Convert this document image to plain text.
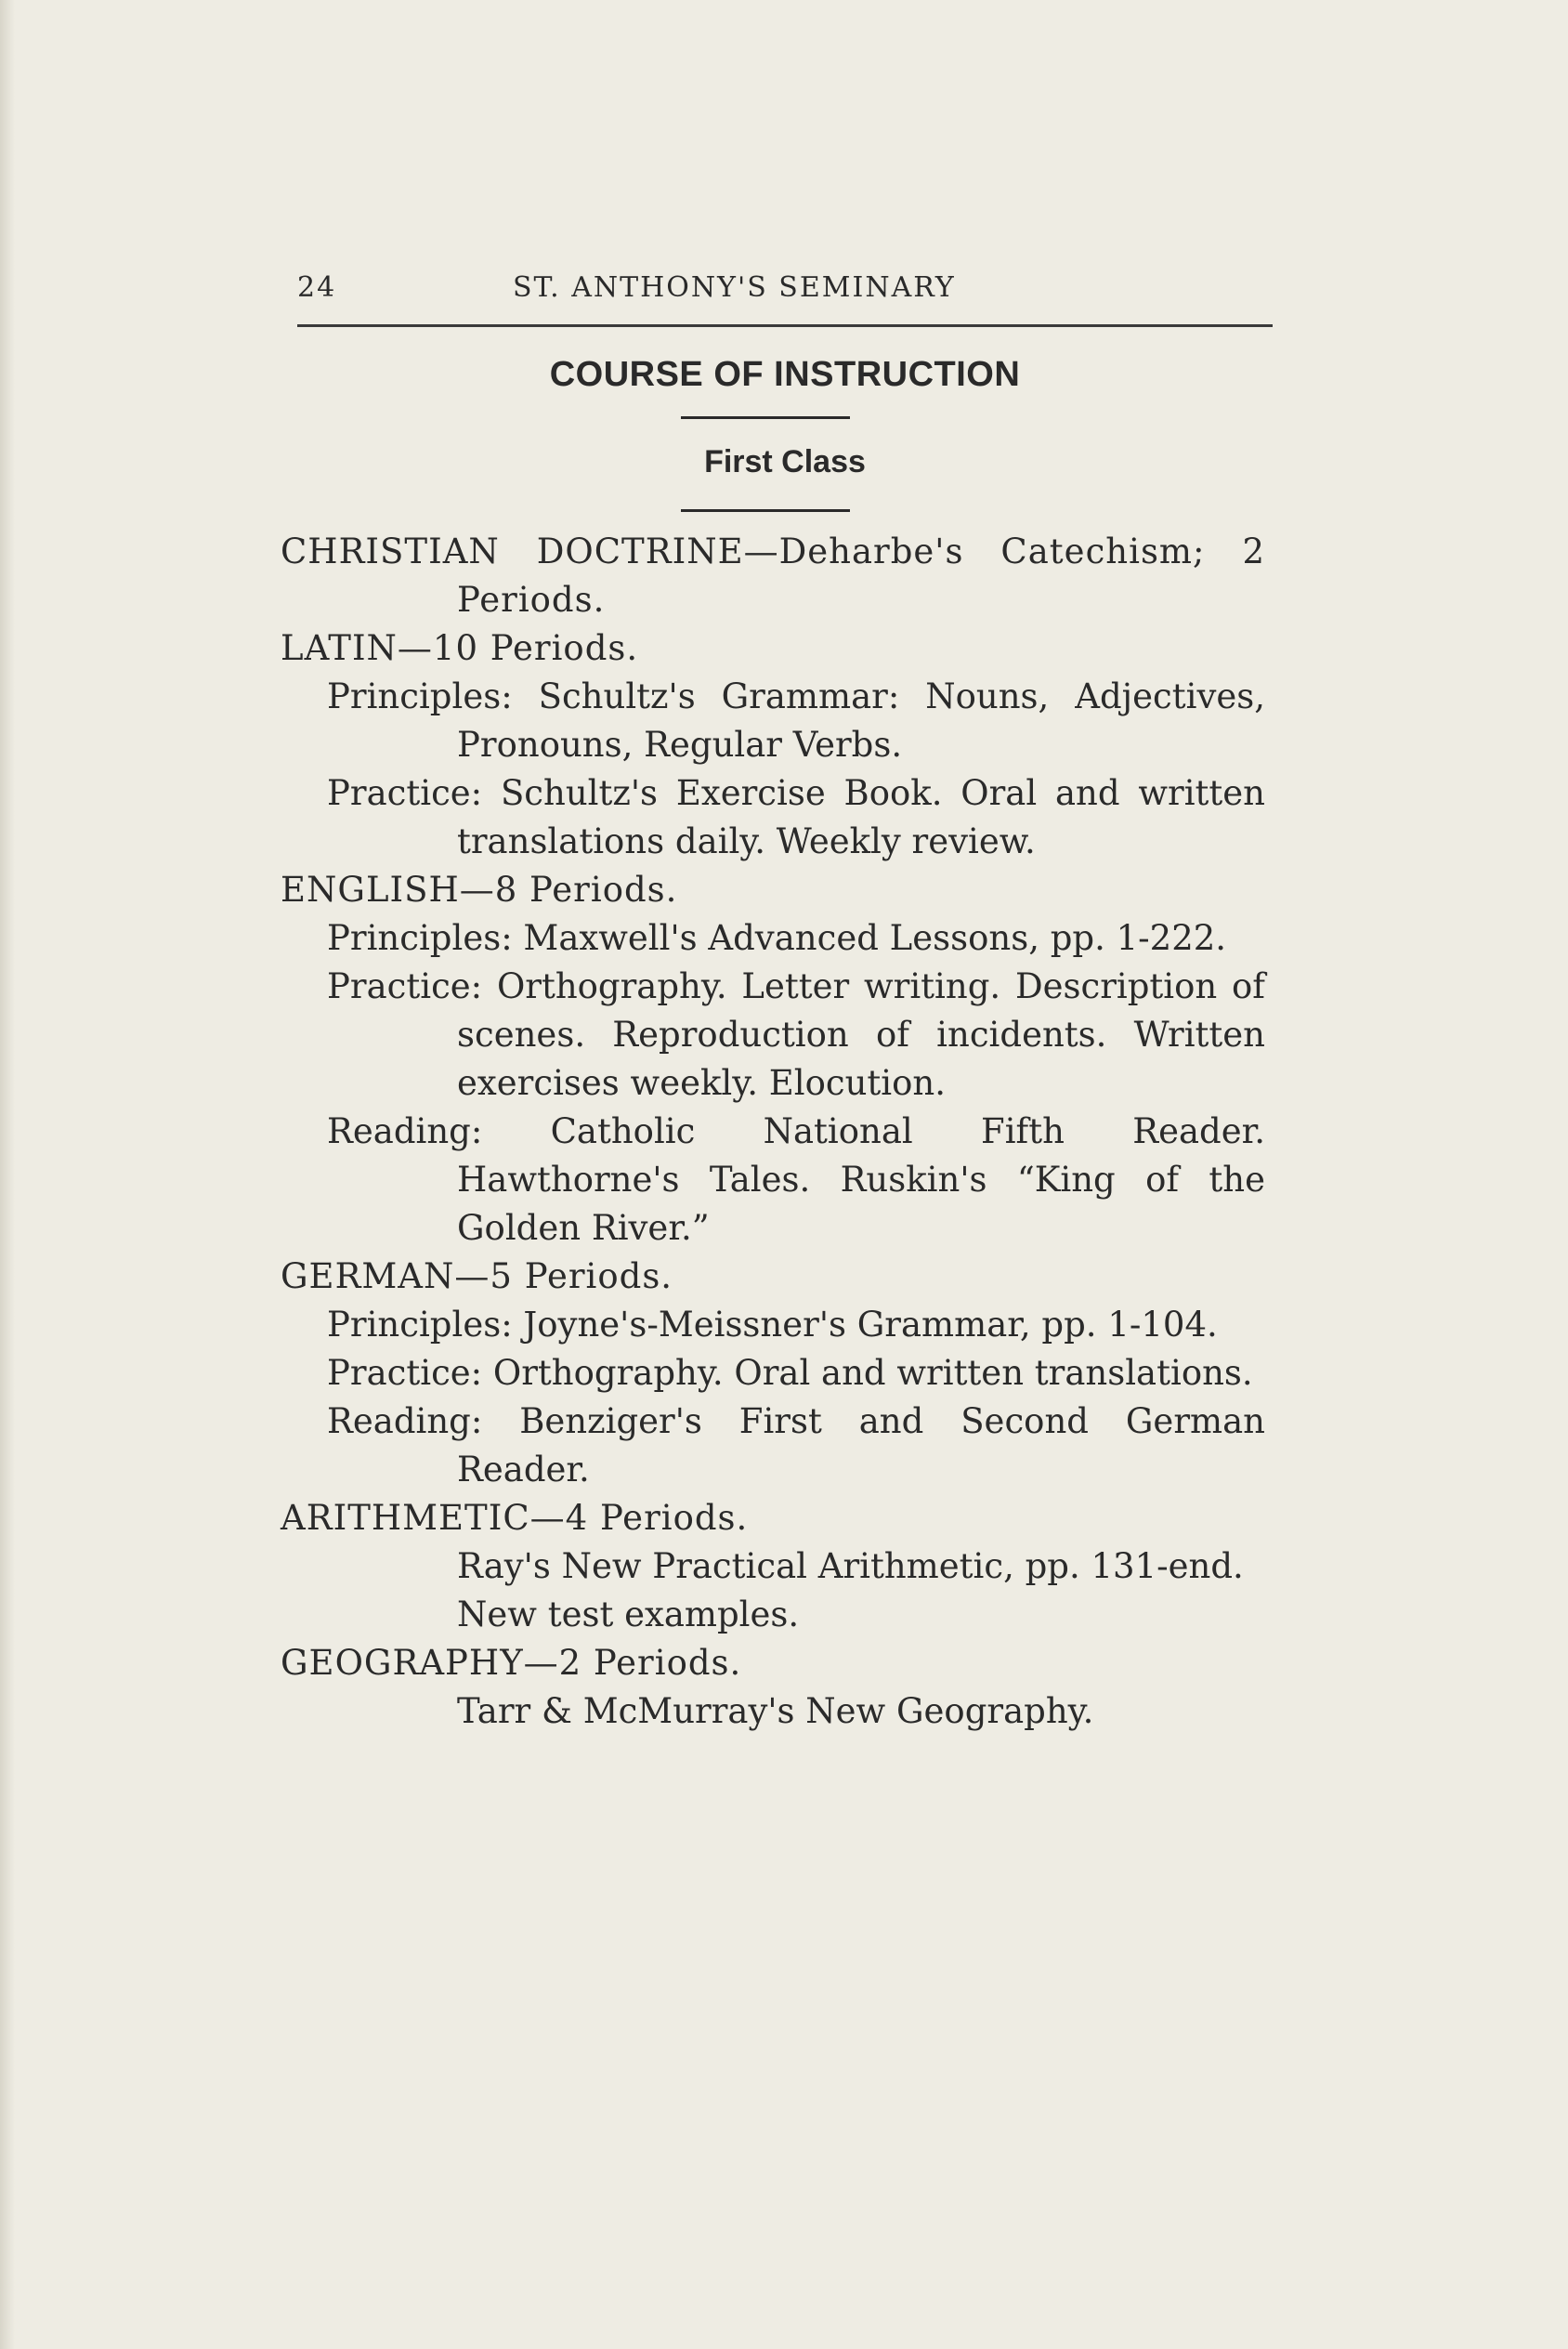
24	ST. ANTHONY'S SEMINARY
COURSE OF INSTRUCTION
First Class

CHRISTIAN DOCTRINE—Deharbe's Catechism; 2 Periods.

LATIN—10 Periods.

Principles: Schultz's Grammar: Nouns, Adjectives, Pronouns, Regular Verbs.

Practice: Schultz's Exercise Book. Oral and written translations daily. Weekly review.

ENGLISH—8 Periods.

Principles: Maxwell's Advanced Lessons, pp. 1-222.

Practice: Orthography. Letter writing. Description of scenes. Reproduction of incidents. Written exercises weekly. Elocution.

Reading: Catholic National Fifth Reader. Hawthorne's Tales. Ruskin's “King of the Golden River.”

GERMAN—5 Periods.

Principles: Joyne's-Meissner's Grammar, pp. 1-104.

Practice: Orthography. Oral and written translations.

Reading: Benziger's First and Second German Reader.

ARITHMETIC—4 Periods.

Ray's New Practical Arithmetic, pp. 131-end.

New test examples.

GEOGRAPHY—2 Periods.

Tarr & McMurray's New Geography.
